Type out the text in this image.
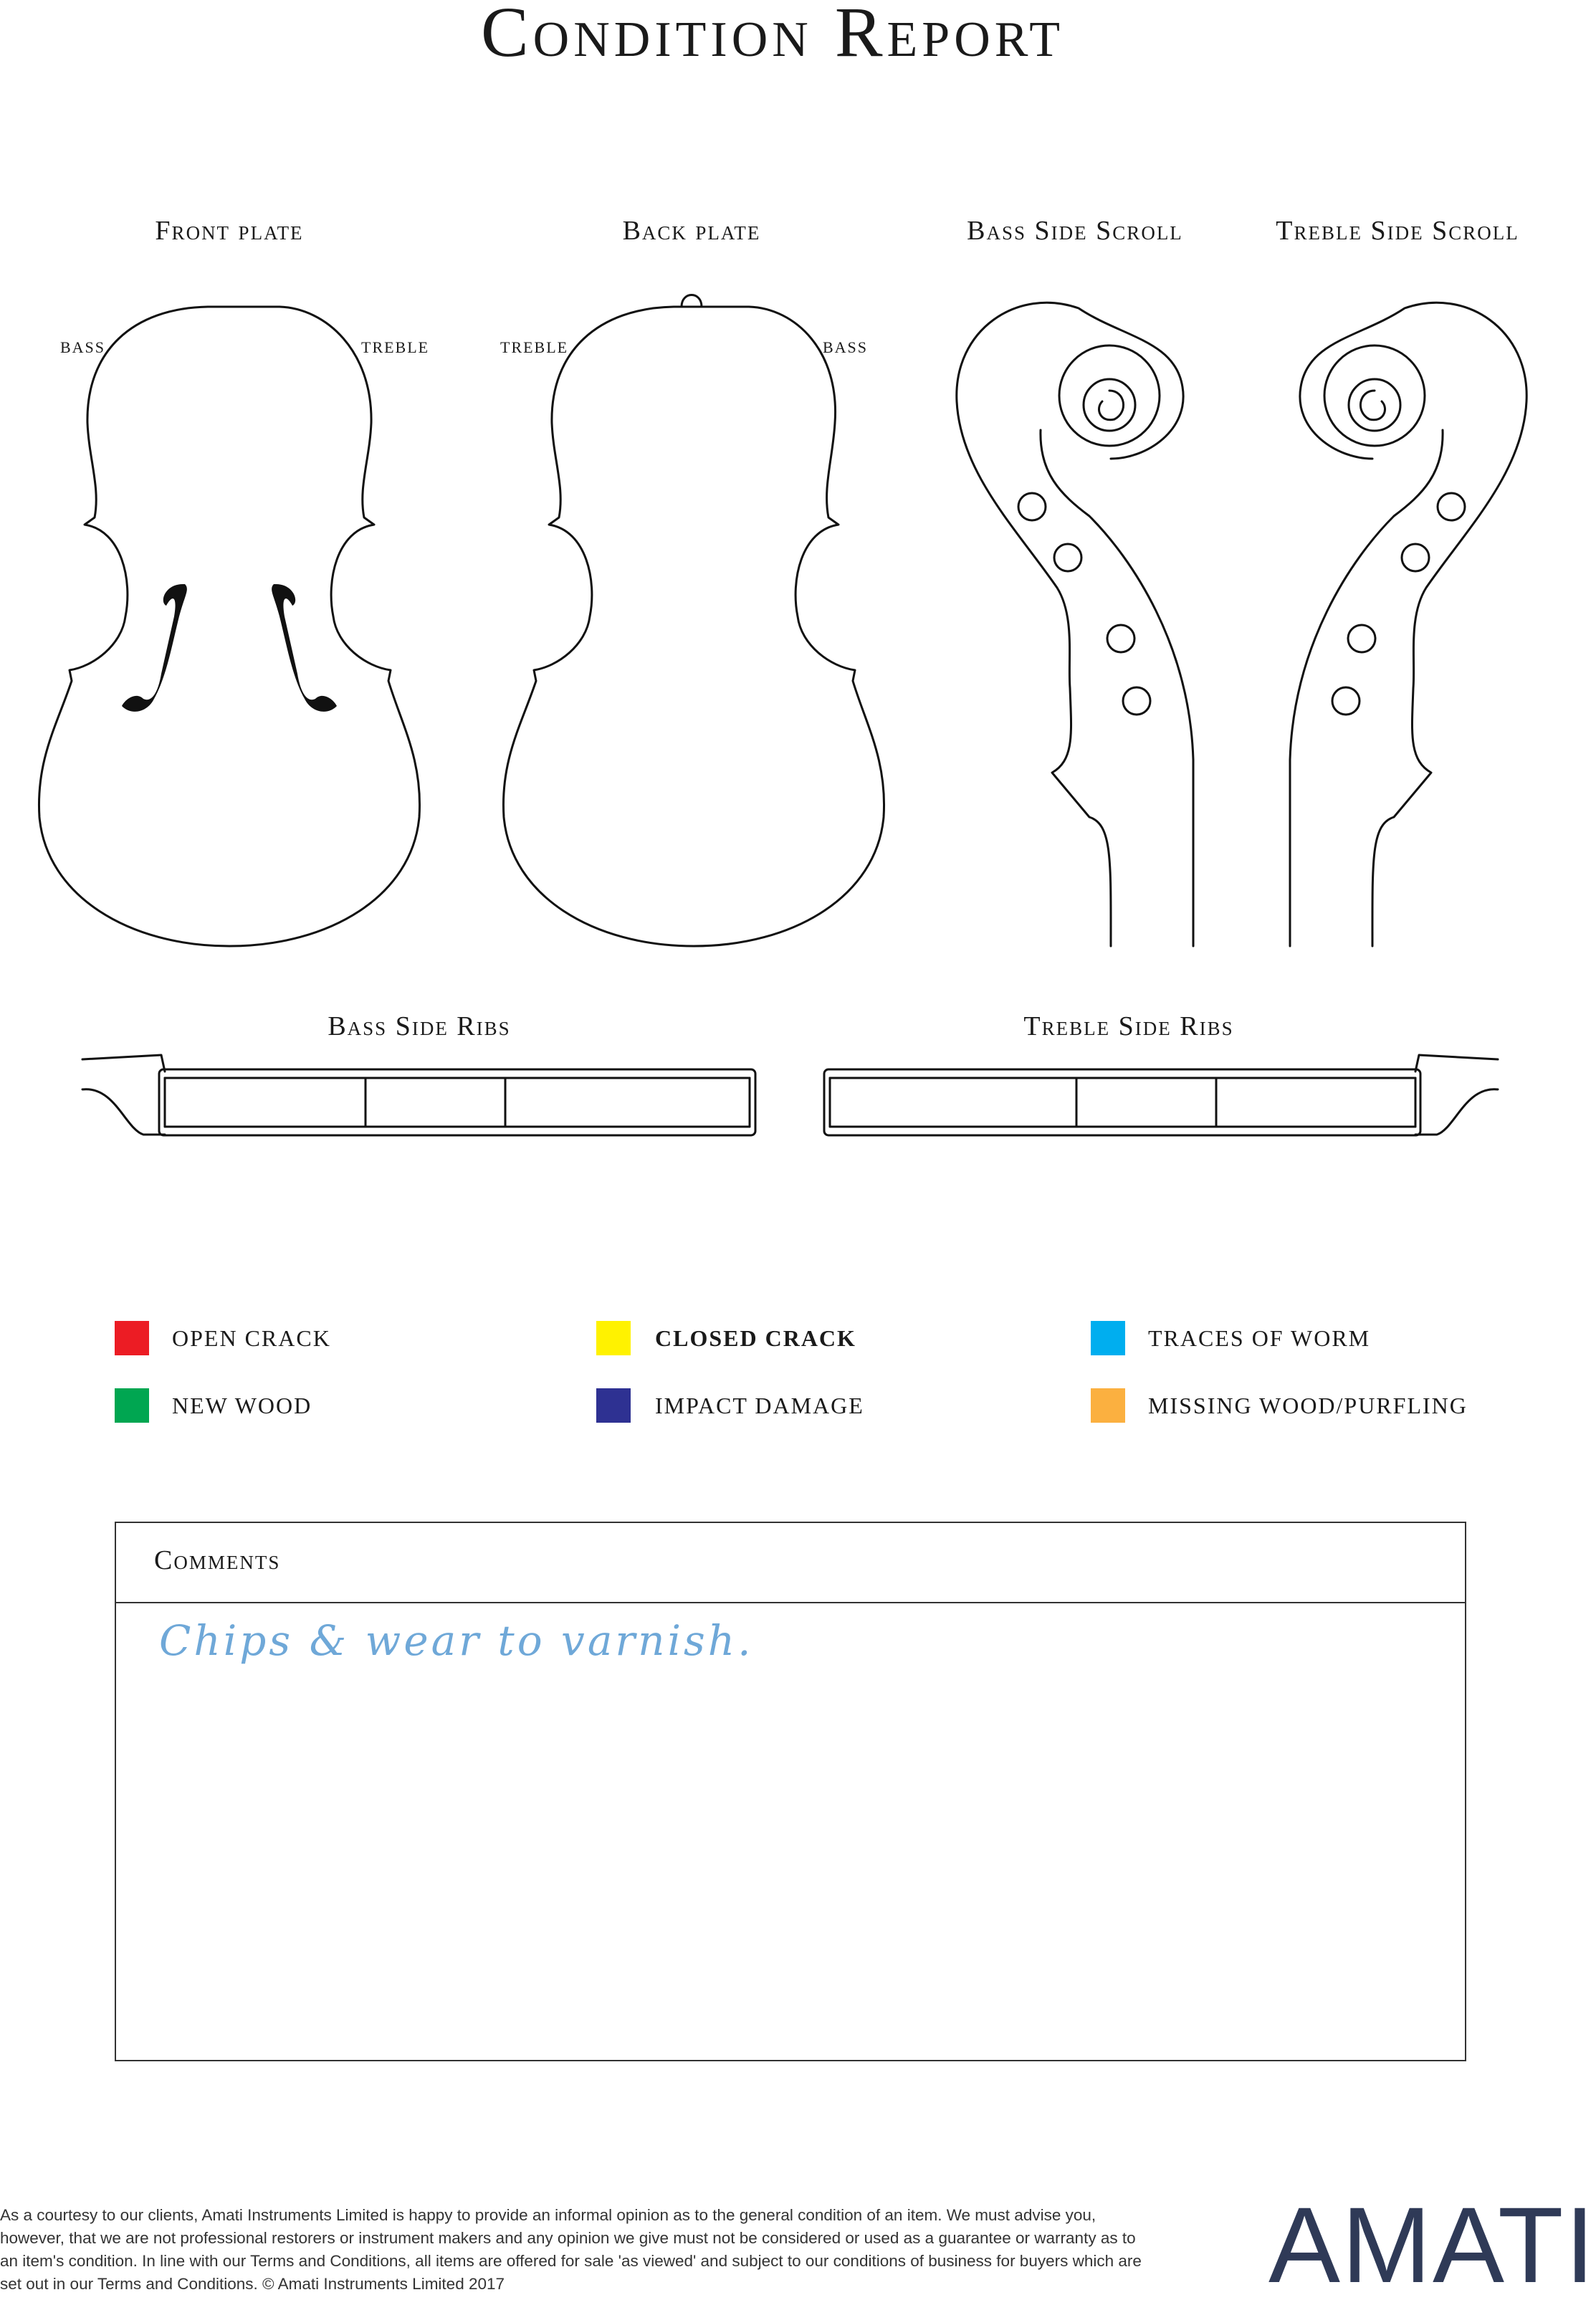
Condition Report
Front plate	Back plate	Bass Side Scroll	Treble Side Scroll
BASS	TREBLE	TREBLE	BASS
Bass Side Ribs	Treble Side Ribs
OPEN CRACK	CLOSED CRACK	TRACES OF WORM
NEW WOOD	IMPACT DAMAGE	MISSING WOOD/PURFLING
Comments
Chips & wear to varnish.
As a courtesy to our clients, Amati Instruments Limited is happy to provide an informal opinion as to the general condition of an item. We must advise you, however, that we are not professional restorers or instrument makers and any opinion we give must not be considered or used as a guarantee or warranty as to an item's condition. In line with our Terms and Conditions, all items are offered for sale 'as viewed' and subject to our conditions of business for buyers which are set out in our Terms and Conditions. © Amati Instruments Limited 2017	AMATI
